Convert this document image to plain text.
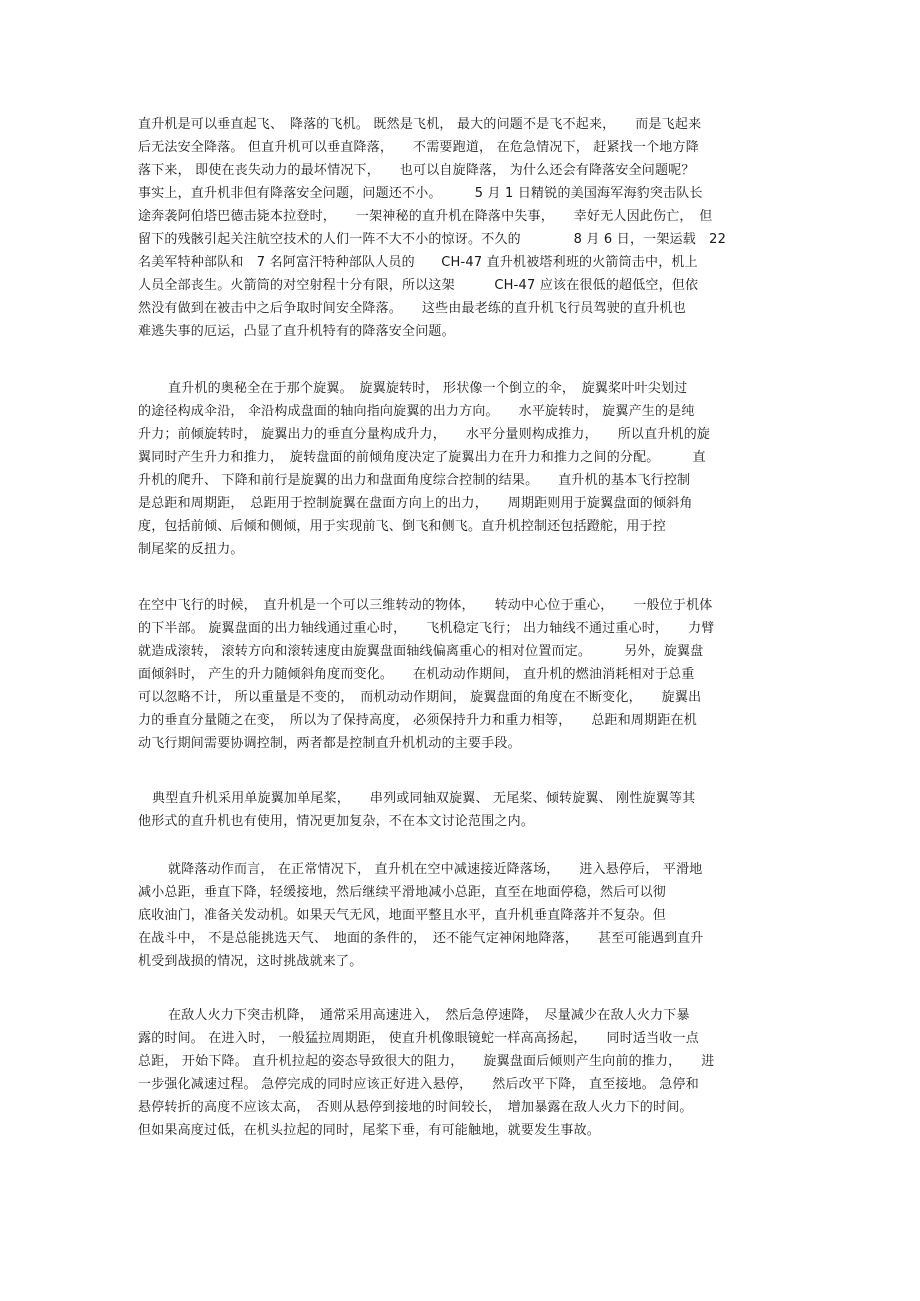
直升机是可以垂直起飞、　降落的飞机。 既然是飞机， 最大的问题不是飞不起来，　　而是飞起来
后无法安全降落。 但直升机可以垂直降落，　　不需要跑道， 在危急情况下， 赶紧找一个地方降
落下来， 即使在丧失动力的最坏情况下，　　也可以自旋降落， 为什么还会有降落安全问题呢？
事实上，直升机非但有降落安全问题，问题还不小。　　　5 月 1 日精锐的美国海军海豹突击队长
途奔袭阿伯塔巴德击毙本拉登时，　　一架神秘的直升机在降落中失事，　　幸好无人因此伤亡，　但
留下的残骸引起关注航空技术的人们一阵不大不小的惊讶。不久的　　　　8 月 6 日，一架运载　22
名美军特种部队和　7 名阿富汗特种部队人员的　　CH-47 直升机被塔利班的火箭筒击中，机上
人员全部丧生。火箭筒的对空射程十分有限，所以这架　　　CH-47 应该在很低的超低空，但依
然没有做到在被击中之后争取时间安全降落。　　这些由最老练的直升机飞行员驾驶的直升机也
难逃失事的厄运，凸显了直升机特有的降落安全问题。
直升机的奥秘全在于那个旋翼。　旋翼旋转时， 形状像一个倒立的伞，　旋翼桨叶叶尖划过
的途径构成伞沿， 伞沿构成盘面的轴向指向旋翼的出力方向。　　水平旋转时， 旋翼产生的是纯
升力；前倾旋转时， 旋翼出力的垂直分量构成升力，　　水平分量则构成推力，　　所以直升机的旋
翼同时产生升力和推力，　旋转盘面的前倾角度决定了旋翼出力在升力和推力之间的分配。　　　直
升机的爬升、 下降和前行是旋翼的出力和盘面角度综合控制的结果。　　直升机的基本飞行控制
是总距和周期距，　总距用于控制旋翼在盘面方向上的出力，　　周期距则用于旋翼盘面的倾斜角
度，包括前倾、后倾和侧倾，用于实现前飞、倒飞和侧飞。直升机控制还包括蹬舵，用于控
制尾桨的反扭力。
在空中飞行的时候，　直升机是一个可以三维转动的物体，　　转动中心位于重心，　　一般位于机体
的下半部。 旋翼盘面的出力轴线通过重心时，　　飞机稳定飞行； 出力轴线不通过重心时，　　力臂
就造成滚转， 滚转方向和滚转速度由旋翼盘面轴线偏离重心的相对位置而定。　　　另外，旋翼盘
面倾斜时， 产生的升力随倾斜角度而变化。　　在机动动作期间， 直升机的燃油消耗相对于总重
可以忽略不计， 所以重量是不变的，　而机动动作期间， 旋翼盘面的角度在不断变化，　　旋翼出
力的垂直分量随之在变，　所以为了保持高度， 必须保持升力和重力相等，　　总距和周期距在机
动飞行期间需要协调控制，两者都是控制直升机机动的主要手段。
典型直升机采用单旋翼加单尾桨，　　串列或同轴双旋翼、 无尾桨、倾转旋翼、 刚性旋翼等其
他形式的直升机也有使用，情况更加复杂，不在本文讨论范围之内。
就降落动作而言， 在正常情况下， 直升机在空中减速接近降落场，　　进入悬停后， 平滑地
减小总距，垂直下降，轻缓接地，然后继续平滑地减小总距，直至在地面停稳，然后可以彻
底收油门，准备关发动机。如果天气无风，地面平整且水平，直升机垂直降落并不复杂。但
在战斗中， 不是总能挑选天气、　地面的条件的，　还不能气定神闲地降落，　　甚至可能遇到直升
机受到战损的情况，这时挑战就来了。
在敌人火力下突击机降，　通常采用高速进入，　然后急停速降，　尽量减少在敌人火力下暴
露的时间。 在进入时， 一般猛拉周期距， 使直升机像眼镜蛇一样高高扬起，　　同时适当收一点
总距， 开始下降。 直升机拉起的姿态导致很大的阻力，　　旋翼盘面后倾则产生向前的推力，　　进
一步强化减速过程。 急停完成的同时应该正好进入悬停，　　然后改平下降， 直至接地。 急停和
悬停转折的高度不应该太高，　否则从悬停到接地的时间较长，　增加暴露在敌人火力下的时间。
但如果高度过低，在机头拉起的同时，尾桨下垂，有可能触地，就要发生事故。
